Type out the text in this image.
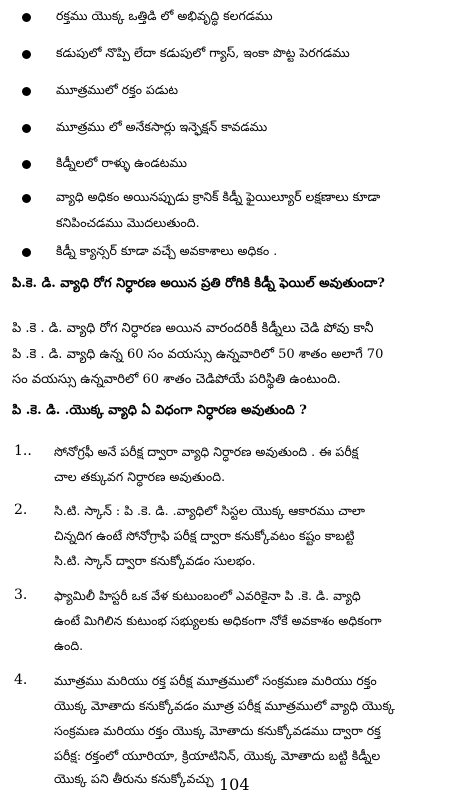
రక్తము యొక్క ఒత్తిడి లో అభివృద్ధి కలగడము
కడుపులో నొప్పి లేదా కడుపులో గ్యాస్, ఇంకా పొట్ట పెరగడము
మూత్రములో రక్తం పడుట
మూత్రము లో అనేకసార్లు ఇన్ఫెక్షన్ కావడము
కిడ్నీలలో రాళ్ళు ఉండటము
వ్యాధి అధికం అయినప్పుడు క్రానిక్ కిడ్నీ ఫైయిల్యూర్ లక్షణాలు కూడా
కనిపించడము మొదలుతుంది.
కిడ్నీ క్యాన్సర్ కూడా వచ్చే అవకాశాలు అధికం .
పి.కె. డి. వ్యాధి రోగ నిర్ధారణ అయిన ప్రతి రోగికి కిడ్నీ ఫెయిల్ అవుతుందా?
పి .కె . డి. వ్యాధి రోగ నిర్ధారణ అయిన వారందరికీ కిడ్నీలు చెడి పోవు కానీ
పి .కె . డి. వ్యాధి ఉన్న 60 సం వయస్సు ఉన్నవారిలో 50 శాతం అలాగే 70
సం వయస్సు ఉన్నవారిలో 60 శాతం చెడిపోయే పరిస్థితి ఉంటుంది.
పి .కె. డి. .యొక్క వ్యాధి ఏ విధంగా నిర్ధారణ అవుతుంది ?
1.. సోనోగ్రఫీ అనే పరీక్ష ద్వారా వ్యాధి నిర్ధారణ అవుతుంది . ఈ పరీక్ష
చాల తక్కువగ నిర్ధారణ అవుతుంది.
2. సి.టి. స్కాన్ : పి .కె. డి. .వ్యాధిలో సిస్టల యొక్క ఆకారము చాలా
చిన్నదిగ ఉంటే సోనోగ్రాఫి పరీక్ష ద్వారా కనుక్కోవటం కష్టం కాబట్టి
సి.టి. స్కాన్ ద్వారా కనుక్కోవడం సులభం.
3. ఫ్యామిలీ హిస్టరీ ఒక వేళ కుటుంబంలో ఎవరికైనా పి .కె. డి. వ్యాధి
ఉంటే మిగిలిన కుటుంభ సభ్యులకు అధికంగా నోకే అవకాశం అధికంగా
ఉంది.
4. మూత్రము మరియు రక్త పరీక్ష మూత్రములో సంక్రమణ మరియు రక్తం
యొక్క మోతాదు కనుక్కోవడం మూత్ర పరీక్ష మూత్రములో వ్యాధి యొక్క
సంక్రమణ మరియు రక్తం యొక్క మోతాదు కనుక్కోవడము ద్వారా రక్త
పరీక్ష: రక్తంలో యూరియా, క్రియాటినిన్, యొక్క మోతాదు బట్టి కిడ్నీల
యొక్క పని తీరును కనుక్కోవచ్చు 104
